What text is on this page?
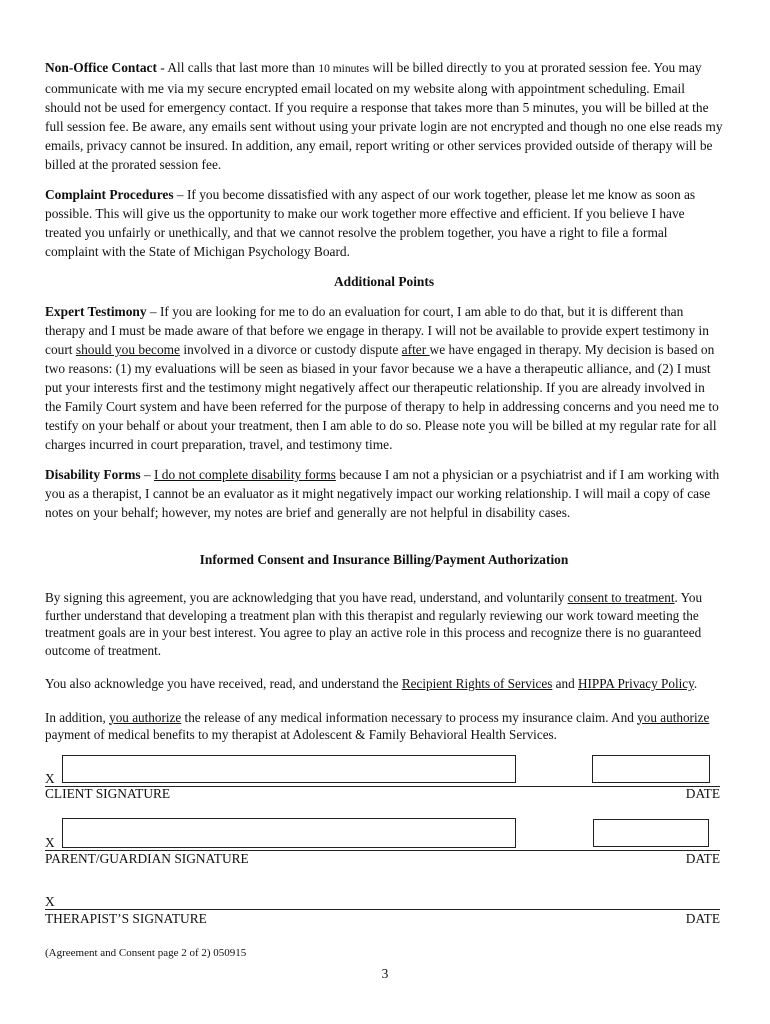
Non-Office Contact - All calls that last more than 10 minutes will be billed directly to you at prorated session fee. You may communicate with me via my secure encrypted email located on my website along with appointment scheduling. Email should not be used for emergency contact. If you require a response that takes more than 5 minutes, you will be billed at the full session fee. Be aware, any emails sent without using your private login are not encrypted and though no one else reads my emails, privacy cannot be insured. In addition, any email, report writing or other services provided outside of therapy will be billed at the prorated session fee.

Complaint Procedures – If you become dissatisfied with any aspect of our work together, please let me know as soon as possible. This will give us the opportunity to make our work together more effective and efficient. If you believe I have treated you unfairly or unethically, and that we cannot resolve the problem together, you have a right to file a formal complaint with the State of Michigan Psychology Board.

Additional Points

Expert Testimony – If you are looking for me to do an evaluation for court, I am able to do that, but it is different than therapy and I must be made aware of that before we engage in therapy. I will not be available to provide expert testimony in court should you become involved in a divorce or custody dispute after we have engaged in therapy. My decision is based on two reasons: (1) my evaluations will be seen as biased in your favor because we a have a therapeutic alliance, and (2) I must put your interests first and the testimony might negatively affect our therapeutic relationship. If you are already involved in the Family Court system and have been referred for the purpose of therapy to help in addressing concerns and you need me to testify on your behalf or about your treatment, then I am able to do so. Please note you will be billed at my regular rate for all charges incurred in court preparation, travel, and testimony time.

Disability Forms – I do not complete disability forms because I am not a physician or a psychiatrist and if I am working with you as a therapist, I cannot be an evaluator as it might negatively impact our working relationship. I will mail a copy of case notes on your behalf; however, my notes are brief and generally are not helpful in disability cases.

Informed Consent and Insurance Billing/Payment Authorization

By signing this agreement, you are acknowledging that you have read, understand, and voluntarily consent to treatment. You further understand that developing a treatment plan with this therapist and regularly reviewing our work toward meeting the treatment goals are in your best interest. You agree to play an active role in this process and recognize there is no guaranteed outcome of treatment.

You also acknowledge you have received, read, and understand the Recipient Rights of Services and HIPPA Privacy Policy.

In addition, you authorize the release of any medical information necessary to process my insurance claim. And you authorize payment of medical benefits to my therapist at Adolescent & Family Behavioral Health Services.

X
CLIENT SIGNATURE	DATE
X
PARENT/GUARDIAN SIGNATURE	DATE
X
THERAPIST’S SIGNATURE	DATE
(Agreement and Consent page 2 of 2) 050915
3
